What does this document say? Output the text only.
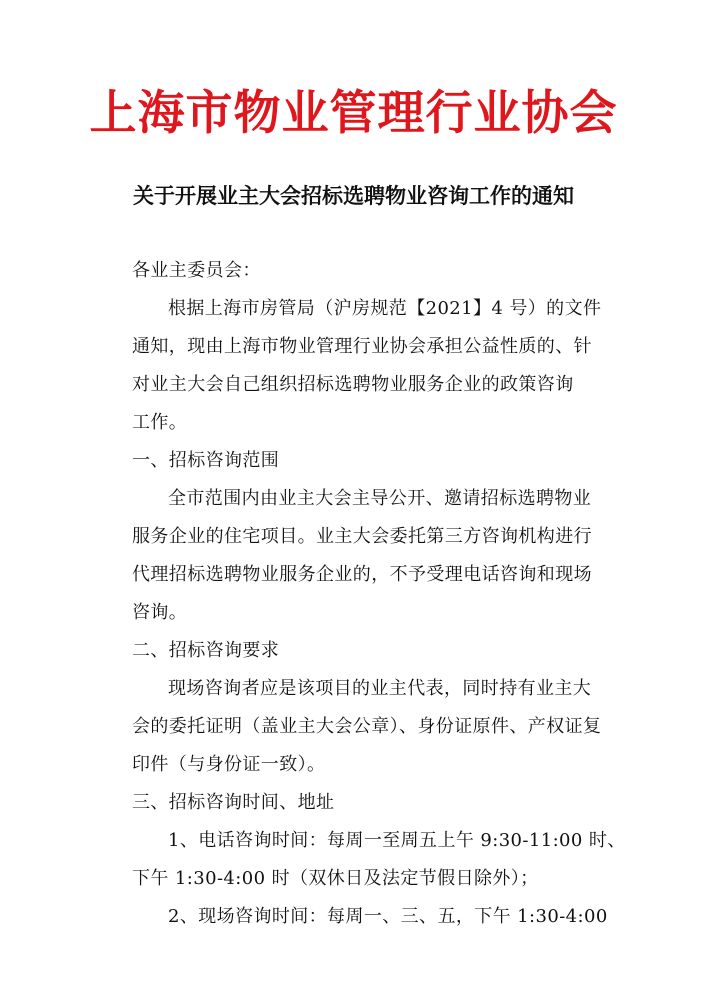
上海市物业管理行业协会
关于开展业主大会招标选聘物业咨询工作的通知
各业主委员会：
根据上海市房管局（沪房规范【2021】4 号）的文件
通知，现由上海市物业管理行业协会承担公益性质的、针
对业主大会自己组织招标选聘物业服务企业的政策咨询
工作。
一、招标咨询范围
全市范围内由业主大会主导公开、邀请招标选聘物业
服务企业的住宅项目。业主大会委托第三方咨询机构进行
代理招标选聘物业服务企业的，不予受理电话咨询和现场
咨询。
二、招标咨询要求
现场咨询者应是该项目的业主代表，同时持有业主大
会的委托证明（盖业主大会公章）、身份证原件、产权证复
印件（与身份证一致）。
三、招标咨询时间、地址
1、电话咨询时间：每周一至周五上午 9:30-11:00 时、
下午 1:30-4:00 时（双休日及法定节假日除外）；
2、现场咨询时间：每周一、三、五，下午 1:30-4:00
